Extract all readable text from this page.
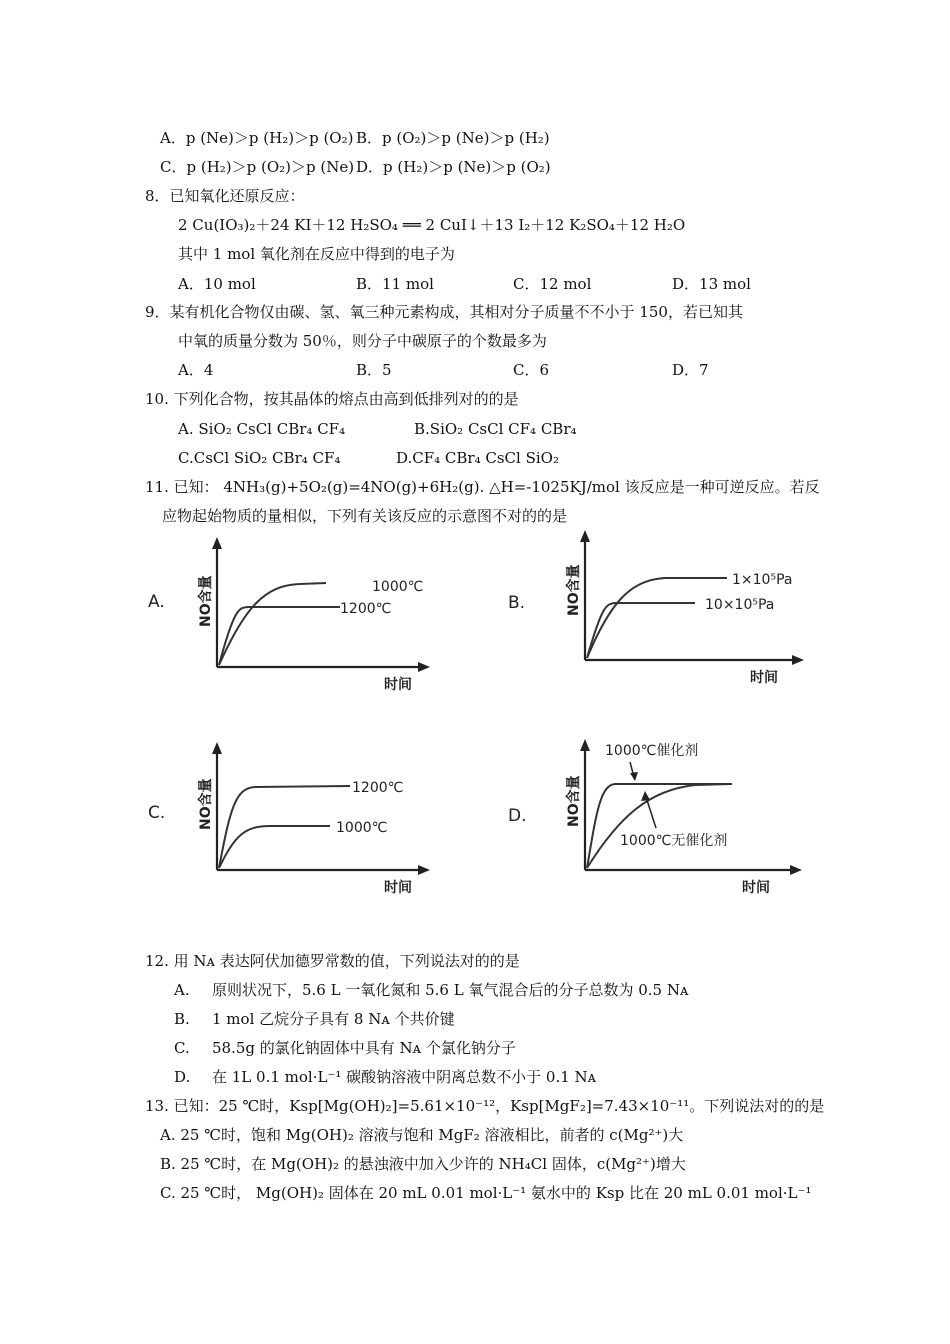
A．p (Ne)＞p (H₂)＞p (O₂) B．p (O₂)＞p (Ne)＞p (H₂)
C．p (H₂)＞p (O₂)＞p (Ne) D．p (H₂)＞p (Ne)＞p (O₂)
8．已知氧化还原反应：
2 Cu(IO₃)₂＋24 KI＋12 H₂SO₄ ══ 2 CuI↓＋13 I₂＋12 K₂SO₄＋12 H₂O
其中 1 mol 氧化剂在反应中得到的电子为
A．10 mol	B．11 mol	C．12 mol	D．13 mol
9．某有机化合物仅由碳、氢、氧三种元素构成，其相对分子质量不不小于 150，若已知其
中氧的质量分数为 50％，则分子中碳原子的个数最多为
A．4	B．5	C．6	D．7
10. 下列化合物，按其晶体的熔点由高到低排列对的的是
A. SiO₂ CsCl CBr₄ CF₄	B.SiO₂ CsCl CF₄ CBr₄
C.CsCl SiO₂ CBr₄ CF₄	D.CF₄ CBr₄ CsCl SiO₂
11. 已知： 4NH₃(g)+5O₂(g)=4NO(g)+6H₂(g). △H=-1025KJ/mol 该反应是一种可逆反应。若反
应物起始物质的量相似，下列有关该反应的示意图不对的的是
A. NO含量
时间
1000℃
1200℃	B.	NO含量
时间
1×10⁵Pa
10×10⁵Pa
C. NO含量
时间
1200℃
1000℃
D.	NO含量
时间
1000℃催化剂
1000℃无催化剂
12. 用 Nᴀ 表达阿伏加德罗常数的值，下列说法对的的是
A. 原则状况下，5.6 L 一氧化氮和 5.6 L 氧气混合后的分子总数为 0.5 Nᴀ
B. 1 mol 乙烷分子具有 8 Nᴀ 个共价键
C. 58.5g 的氯化钠固体中具有 Nᴀ 个氯化钠分子
D. 在 1L 0.1 mol·L⁻¹ 碳酸钠溶液中阴离总数不小于 0.1 Nᴀ
13. 已知：25 ℃时，Ksp[Mg(OH)₂]=5.61×10⁻¹²，Ksp[MgF₂]=7.43×10⁻¹¹。下列说法对的的是
A. 25 ℃时，饱和 Mg(OH)₂ 溶液与饱和 MgF₂ 溶液相比，前者的 c(Mg²⁺)大
B. 25 ℃时，在 Mg(OH)₂ 的悬浊液中加入少许的 NH₄Cl 固体，c(Mg²⁺)增大
C. 25 ℃时， Mg(OH)₂ 固体在 20 mL 0.01 mol·L⁻¹ 氨水中的 Ksp 比在 20 mL 0.01 mol·L⁻¹
